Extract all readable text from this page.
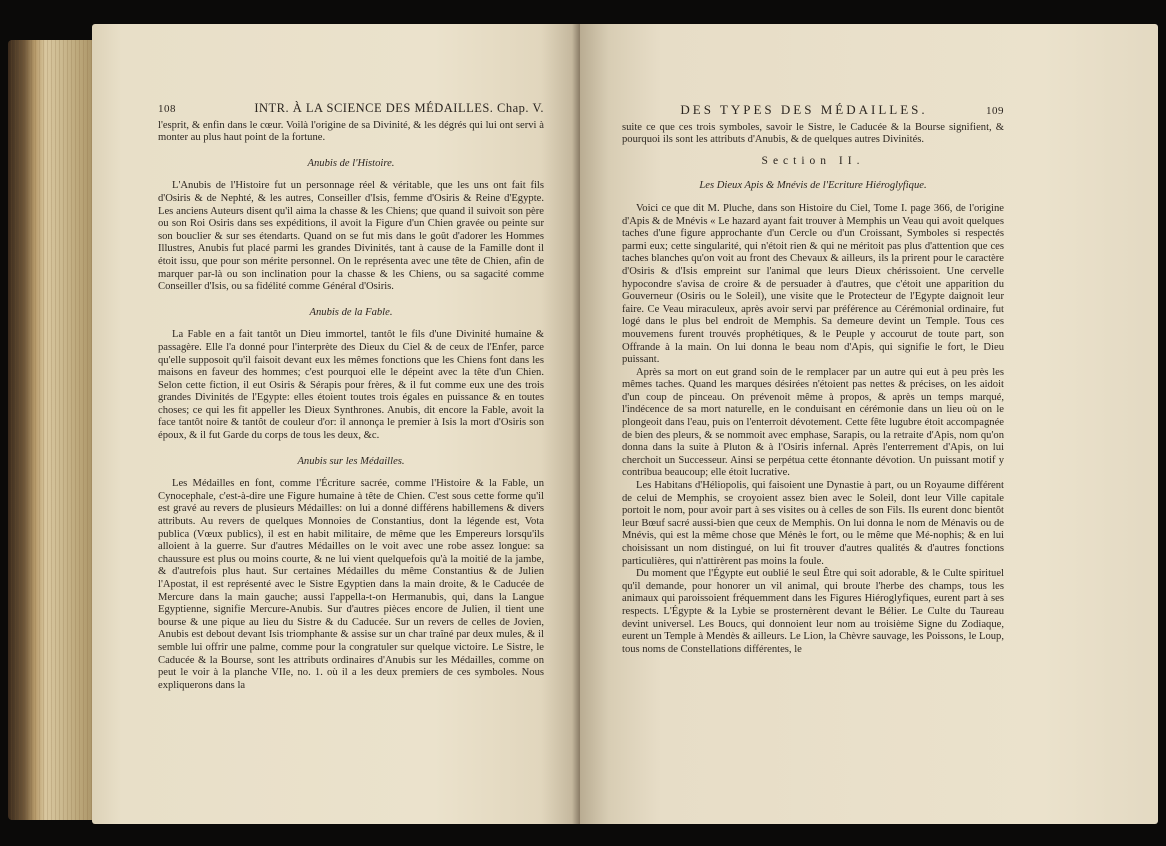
108	INTR. À LA SCIENCE DES MÉDAILLES. Chap. V.

l'esprit, & enfin dans le cœur. Voilà l'origine de sa Divinité, & les dégrés qui lui ont servi à monter au plus haut point de la fortune.

Anubis de l'Histoire.

L'Anubis de l'Histoire fut un personnage réel & véritable, que les uns ont fait fils d'Osiris & de Nephté, & les autres, Conseiller d'Isis, femme d'Osiris & Reine d'Egypte. Les anciens Auteurs disent qu'il aima la chasse & les Chiens; que quand il suivoit son père ou son Roi Osiris dans ses expéditions, il avoit la Figure d'un Chien gravée ou peinte sur son bouclier & sur ses étendarts. Quand on se fut mis dans le goût d'adorer les Hommes Illustres, Anubis fut placé parmi les grandes Divinités, tant à cause de la Famille dont il étoit issu, que pour son mérite personnel. On le représenta avec une tête de Chien, afin de marquer par-là ou son inclination pour la chasse & les Chiens, ou sa sagacité comme Conseiller d'Isis, ou sa fidélité comme Général d'Osiris.

Anubis de la Fable.

La Fable en a fait tantôt un Dieu immortel, tantôt le fils d'une Divinité humaine & passagère. Elle l'a donné pour l'interprète des Dieux du Ciel & de ceux de l'Enfer, parce qu'elle supposoit qu'il faisoit devant eux les mêmes fonctions que les Chiens font dans les maisons en faveur des hommes; c'est pourquoi elle le dépeint avec la tête d'un Chien. Selon cette fiction, il eut Osiris & Sérapis pour frères, & il fut comme eux une des trois grandes Divinités de l'Egypte: elles étoient toutes trois égales en puissance & en toutes choses; ce qui les fit appeller les Dieux Synthrones. Anubis, dit encore la Fable, avoit la face tantôt noire & tantôt de couleur d'or: il annonça le premier à Isis la mort d'Osiris son époux, & il fut Garde du corps de tous les deux, &c.

Anubis sur les Médailles.

Les Médailles en font, comme l'Écriture sacrée, comme l'Histoire & la Fable, un Cynocephale, c'est-à-dire une Figure humaine à tête de Chien. C'est sous cette forme qu'il est gravé au revers de plusieurs Médailles: on lui a donné différens habillemens & divers attributs. Au revers de quelques Monnoies de Constantius, dont la légende est, Vota publica (Vœux publics), il est en habit militaire, de même que les Empereurs lorsqu'ils alloient à la guerre. Sur d'autres Médailles on le voit avec une robe assez longue: sa chaussure est plus ou moins courte, & ne lui vient quelquefois qu'à la moitié de la jambe, & d'autrefois plus haut. Sur certaines Médailles du même Constantius & de Julien l'Apostat, il est représenté avec le Sistre Egyptien dans la main droite, & le Caducée de Mercure dans la main gauche; aussi l'appella-t-on Hermanubis, qui, dans la Langue Egyptienne, signifie Mercure-Anubis. Sur d'autres pièces encore de Julien, il tient une bourse & une pique au lieu du Sistre & du Caducée. Sur un revers de celles de Jovien, Anubis est debout devant Isis triomphante & assise sur un char traîné par deux mules, & il semble lui offrir une palme, comme pour la congratuler sur quelque victoire. Le Sistre, le Caducée & la Bourse, sont les attributs ordinaires d'Anubis sur les Médailles, comme on peut le voir à la planche VIIe, no. 1. où il a les deux premiers de ces symboles. Nous expliquerons dans la

DES TYPES DES MÉDAILLES.	109

suite ce que ces trois symboles, savoir le Sistre, le Caducée & la Bourse signifient, & pourquoi ils sont les attributs d'Anubis, & de quelques autres Divinités.

Section II.
Les Dieux Apis & Mnévis de l'Ecriture Hiéroglyfique.

Voici ce que dit M. Pluche, dans son Histoire du Ciel, Tome I. page 366, de l'origine d'Apis & de Mnévis « Le hazard ayant fait trouver à Memphis un Veau qui avoit quelques taches d'une figure approchante d'un Cercle ou d'un Croissant, Symboles si respectés parmi eux; cette singularité, qui n'étoit rien & qui ne méritoit pas plus d'attention que ces taches blanches qu'on voit au front des Chevaux & ailleurs, ils la prirent pour le caractère d'Osiris & d'Isis empreint sur l'animal que leurs Dieux chérissoient. Une cervelle hypocondre s'avisa de croire & de persuader à d'autres, que c'étoit une apparition du Gouverneur (Osiris ou le Soleil), une visite que le Protecteur de l'Egypte daignoit leur faire. Ce Veau miraculeux, après avoir servi par préférence au Cérémonial ordinaire, fut logé dans le plus bel endroit de Memphis. Sa demeure devint un Temple. Tous ces mouvemens furent trouvés prophétiques, & le Peuple y accourut de toute part, son Offrande à la main. On lui donna le beau nom d'Apis, qui signifie le fort, le Dieu puissant.

Après sa mort on eut grand soin de le remplacer par un autre qui eut à peu près les mêmes taches. Quand les marques désirées n'étoient pas nettes & précises, on les aidoit d'un coup de pinceau. On prévenoit même à propos, & après un temps marqué, l'indécence de sa mort naturelle, en le conduisant en cérémonie dans un lieu où on le plongeoit dans l'eau, puis on l'enterroit dévotement. Cette fête lugubre étoit accompagnée de bien des pleurs, & se nommoit avec emphase, Sarapis, ou la retraite d'Apis, nom qu'on donna dans la suite à Pluton & à l'Osiris infernal. Après l'enterrement d'Apis, on lui cherchoit un Successeur. Ainsi se perpétua cette étonnante dévotion. Un puissant motif y contribua beaucoup; elle étoit lucrative.

Les Habitans d'Héliopolis, qui faisoient une Dynastie à part, ou un Royaume différent de celui de Memphis, se croyoient assez bien avec le Soleil, dont leur Ville capitale portoit le nom, pour avoir part à ses visites ou à celles de son Fils. Ils eurent donc bientôt leur Bœuf sacré aussi-bien que ceux de Memphis. On lui donna le nom de Ménavis ou de Mnévis, qui est la même chose que Ménès le fort, ou le même que Mé-nophis; & en lui choisissant un nom distingué, on lui fit trouver d'autres qualités & d'autres fonctions particulières, qui n'attirèrent pas moins la foule.

Du moment que l'Égypte eut oublié le seul Être qui soit adorable, & le Culte spirituel qu'il demande, pour honorer un vil animal, qui broute l'herbe des champs, tous les animaux qui paroissoient fréquemment dans les Figures Hiéroglyfiques, eurent part à ses respects. L'Égypte & la Lybie se prosternèrent devant le Bélier. Le Culte du Taureau devint universel. Les Boucs, qui donnoient leur nom au troisième Signe du Zodiaque, eurent un Temple à Mendès & ailleurs. Le Lion, la Chèvre sauvage, les Poissons, le Loup, tous noms de Constellations différentes, le
